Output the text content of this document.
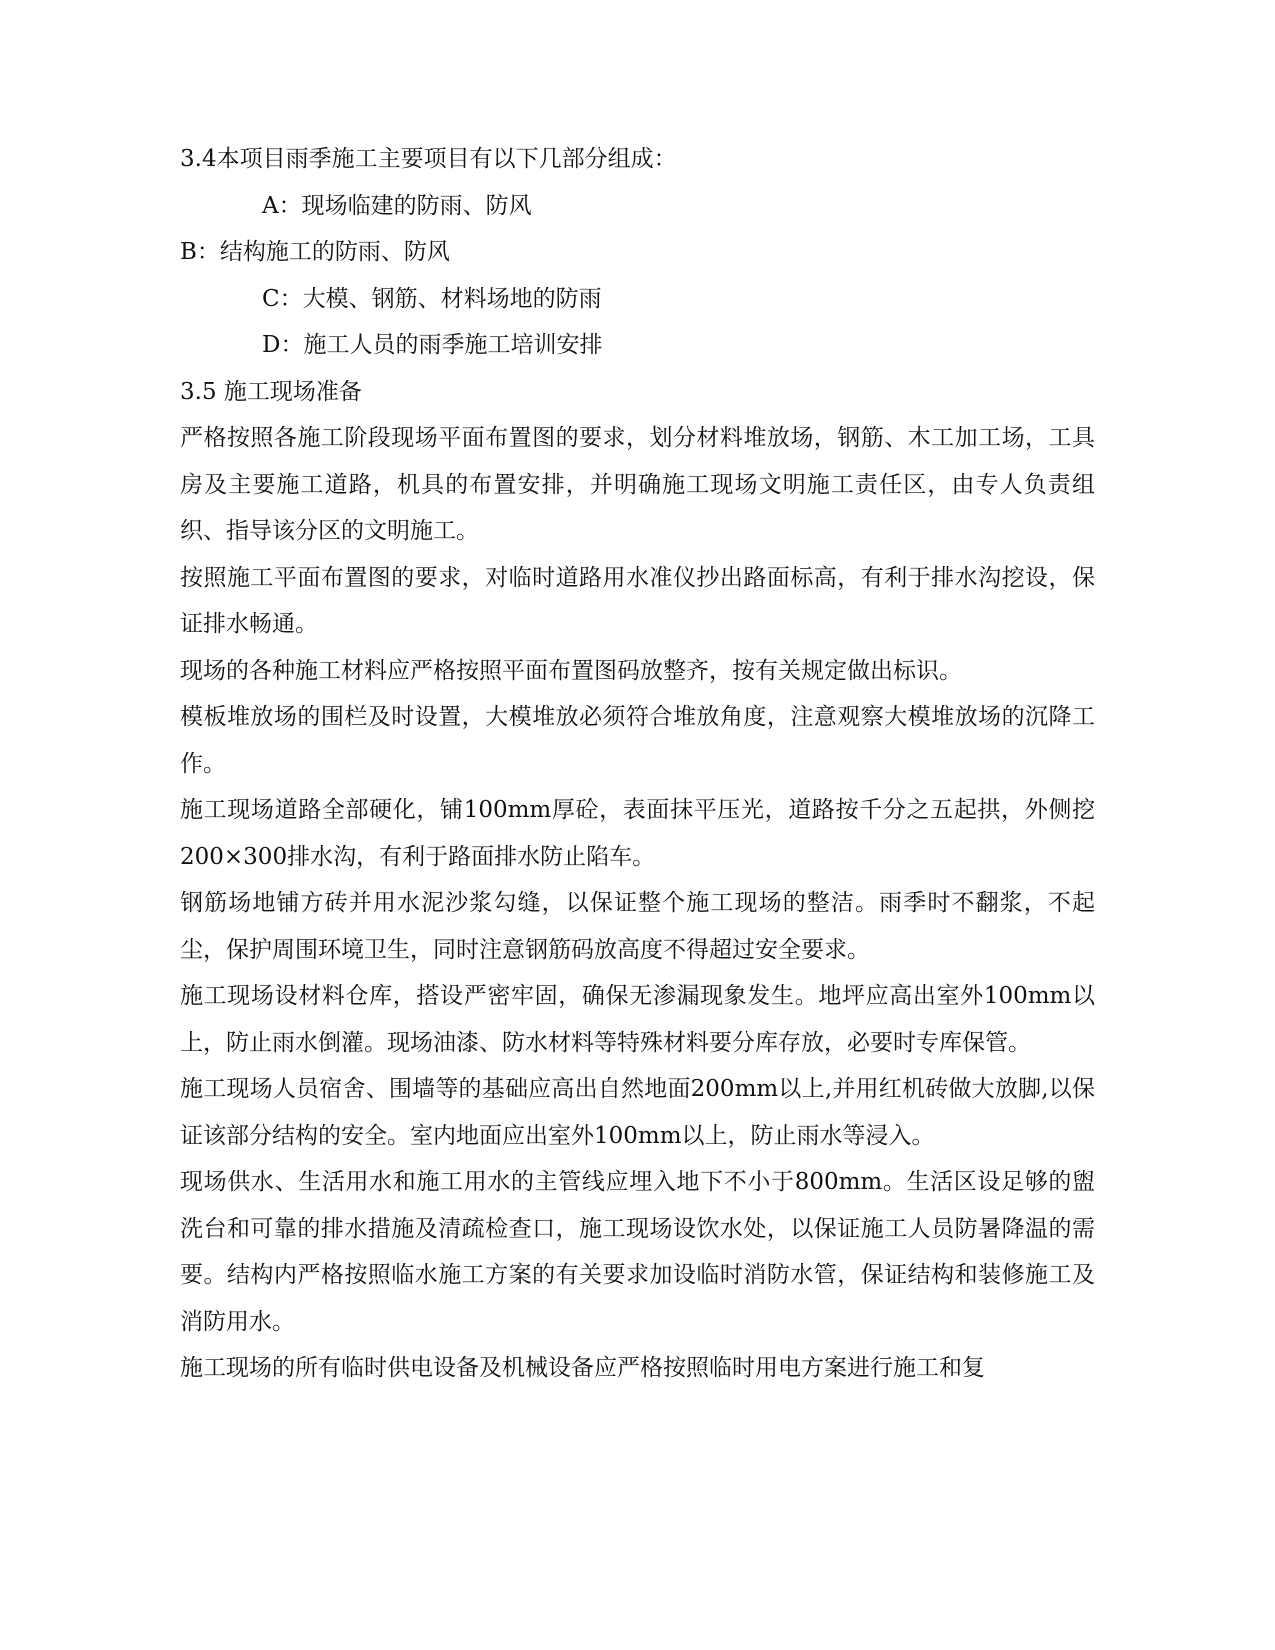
3.4本项目雨季施工主要项目有以下几部分组成：
A：现场临建的防雨、防风
B：结构施工的防雨、防风
C：大模、钢筋、材料场地的防雨
D：施工人员的雨季施工培训安排
3.5 施工现场准备
严格按照各施工阶段现场平面布置图的要求，划分材料堆放场，钢筋、木工加工场，工具房及主要施工道路，机具的布置安排，并明确施工现场文明施工责任区，由专人负责组织、指导该分区的文明施工。
按照施工平面布置图的要求，对临时道路用水准仪抄出路面标高，有利于排水沟挖设，保证排水畅通。
现场的各种施工材料应严格按照平面布置图码放整齐，按有关规定做出标识。
模板堆放场的围栏及时设置，大模堆放必须符合堆放角度，注意观察大模堆放场的沉降工作。
施工现场道路全部硬化，铺100mm厚砼，表面抹平压光，道路按千分之五起拱，外侧挖200×300排水沟，有利于路面排水防止陷车。
钢筋场地铺方砖并用水泥沙浆勾缝，以保证整个施工现场的整洁。雨季时不翻浆，不起尘，保护周围环境卫生，同时注意钢筋码放高度不得超过安全要求。
施工现场设材料仓库，搭设严密牢固，确保无渗漏现象发生。地坪应高出室外100mm以上，防止雨水倒灌。现场油漆、防水材料等特殊材料要分库存放，必要时专库保管。
施工现场人员宿舍、围墙等的基础应高出自然地面200mm以上,并用红机砖做大放脚,以保证该部分结构的安全。室内地面应出室外100mm以上，防止雨水等浸入。
现场供水、生活用水和施工用水的主管线应埋入地下不小于800mm。生活区设足够的盥洗台和可靠的排水措施及清疏检查口，施工现场设饮水处，以保证施工人员防暑降温的需要。结构内严格按照临水施工方案的有关要求加设临时消防水管，保证结构和装修施工及消防用水。
施工现场的所有临时供电设备及机械设备应严格按照临时用电方案进行施工和复
